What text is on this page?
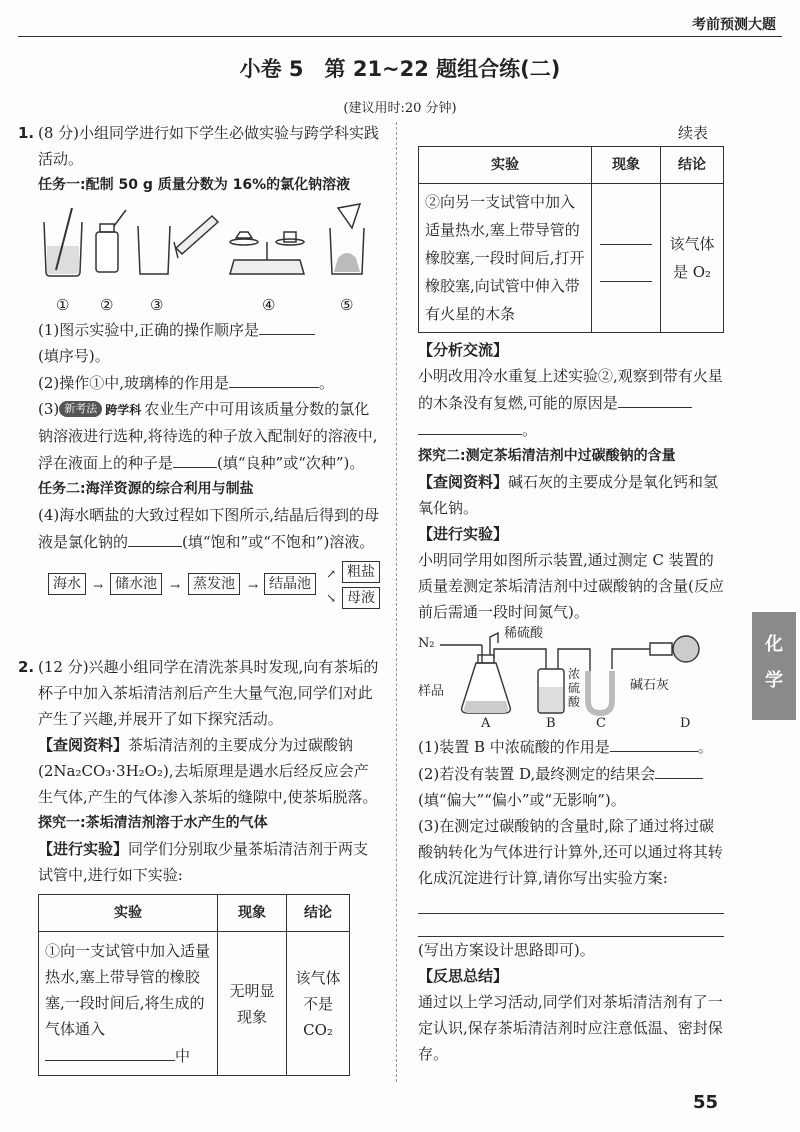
考前预测大题
小卷 5　第 21~22 题组合练(二)
(建议用时:20 分钟)
1. (8 分)小组同学进行如下学生必做实验与跨学科实践活动。

任务一:配制 50 g 质量分数为 16%的氯化钠溶液

① ② ③	④	⑤

(1)图示实验中,正确的操作顺序是

(填序号)。

(2)操作①中,玻璃棒的作用是	。

(3) 新考法 跨学科 农业生产中可用该质量分数的氯化钠溶液进行选种,将待选的种子放入配制好的溶液中,浮在液面上的种子是	(填“良种”或“次种”)。

任务二:海洋资源的综合利用与制盐

(4)海水晒盐的大致过程如下图所示,结晶后得到的母液是氯化钠的	(填“饱和”或“不饱和”)溶液。

海水	→ 储水池	→ 蒸发池	→ 结晶池
↗
↘
粗盐
母液
2. (12 分)兴趣小组同学在清洗茶具时发现,向有茶垢的杯子中加入茶垢清洁剂后产生大量气泡,同学们对此产生了兴趣,并展开了如下探究活动。

【查阅资料】茶垢清洁剂的主要成分为过碳酸钠(2Na₂CO₃·3H₂O₂),去垢原理是遇水后经反应会产生气体,产生的气体渗入茶垢的缝隙中,使茶垢脱落。

探究一:茶垢清洁剂溶于水产生的气体

【进行实验】同学们分别取少量茶垢清洁剂于两支试管中,进行如下实验:

实验	现象	结论
①向一支试管中加入适量热水,塞上带导管的橡胶塞,一段时间后,将生成的气体通入
中	无明显现象	该气体不是 CO₂
续表
实验	现象	结论
②向另一支试管中加入适量热水,塞上带导管的橡胶塞,一段时间后,打开橡胶塞,向试管中伸入带有火星的木条		该气体是 O₂

【分析交流】

小明改用冷水重复上述实验②,观察到带有火星的木条没有复燃,可能的原因是
。

探究二:测定茶垢清洁剂中过碳酸钠的含量

【查阅资料】碱石灰的主要成分是氧化钙和氢氧化钠。

【进行实验】

小明同学用如图所示装置,通过测定 C 装置的质量差测定茶垢清洁剂中过碳酸钠的含量(反应前后需通一段时间氮气)。

N₂
稀硫酸
样品
浓硫酸
碱石灰
A	B	C	D

(1)装置 B 中浓硫酸的作用是	。

(2)若没有装置 D,最终测定的结果会

(填“偏大”“偏小”或“无影响”)。

(3)在测定过碳酸钠的含量时,除了通过将过碳酸钠转化为气体进行计算外,还可以通过将其转化成沉淀进行计算,请你写出实验方案:

(写出方案设计思路即可)。

【反思总结】

通过以上学习活动,同学们对茶垢清洁剂有了一定认识,保存茶垢清洁剂时应注意低温、密封保存。

化
学
55
